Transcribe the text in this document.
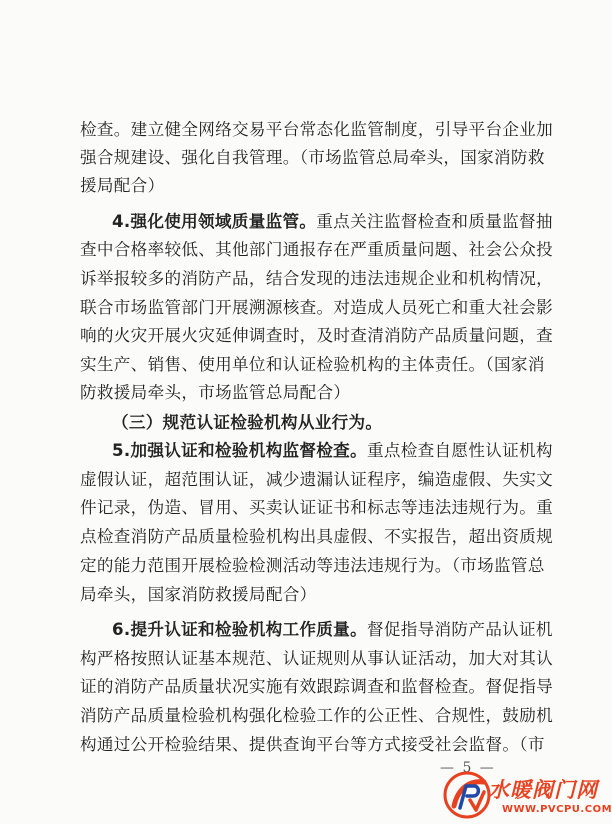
检查。建立健全网络交易平台常态化监管制度，引导平台企业加
强合规建设、强化自我管理。（市场监管总局牵头，国家消防救
援局配合）
4.强化使用领域质量监管。重点关注监督检查和质量监督抽
查中合格率较低、其他部门通报存在严重质量问题、社会公众投
诉举报较多的消防产品，结合发现的违法违规企业和机构情况，
联合市场监管部门开展溯源核查。对造成人员死亡和重大社会影
响的火灾开展火灾延伸调查时，及时查清消防产品质量问题，查
实生产、销售、使用单位和认证检验机构的主体责任。（国家消
防救援局牵头，市场监管总局配合）
（三）规范认证检验机构从业行为。
5.加强认证和检验机构监督检查。重点检查自愿性认证机构
虚假认证，超范围认证，减少遗漏认证程序，编造虚假、失实文
件记录，伪造、冒用、买卖认证证书和标志等违法违规行为。重
点检查消防产品质量检验机构出具虚假、不实报告，超出资质规
定的能力范围开展检验检测活动等违法违规行为。（市场监管总
局牵头，国家消防救援局配合）
6.提升认证和检验机构工作质量。督促指导消防产品认证机
构严格按照认证基本规范、认证规则从事认证活动，加大对其认
证的消防产品质量状况实施有效跟踪调查和监督检查。督促指导
消防产品质量检验机构强化检验工作的公正性、合规性，鼓励机
构通过公开检验结果、提供查询平台等方式接受社会监督。（市
— 5 —
水暖阀门网
WWW.PVCPU.COM
